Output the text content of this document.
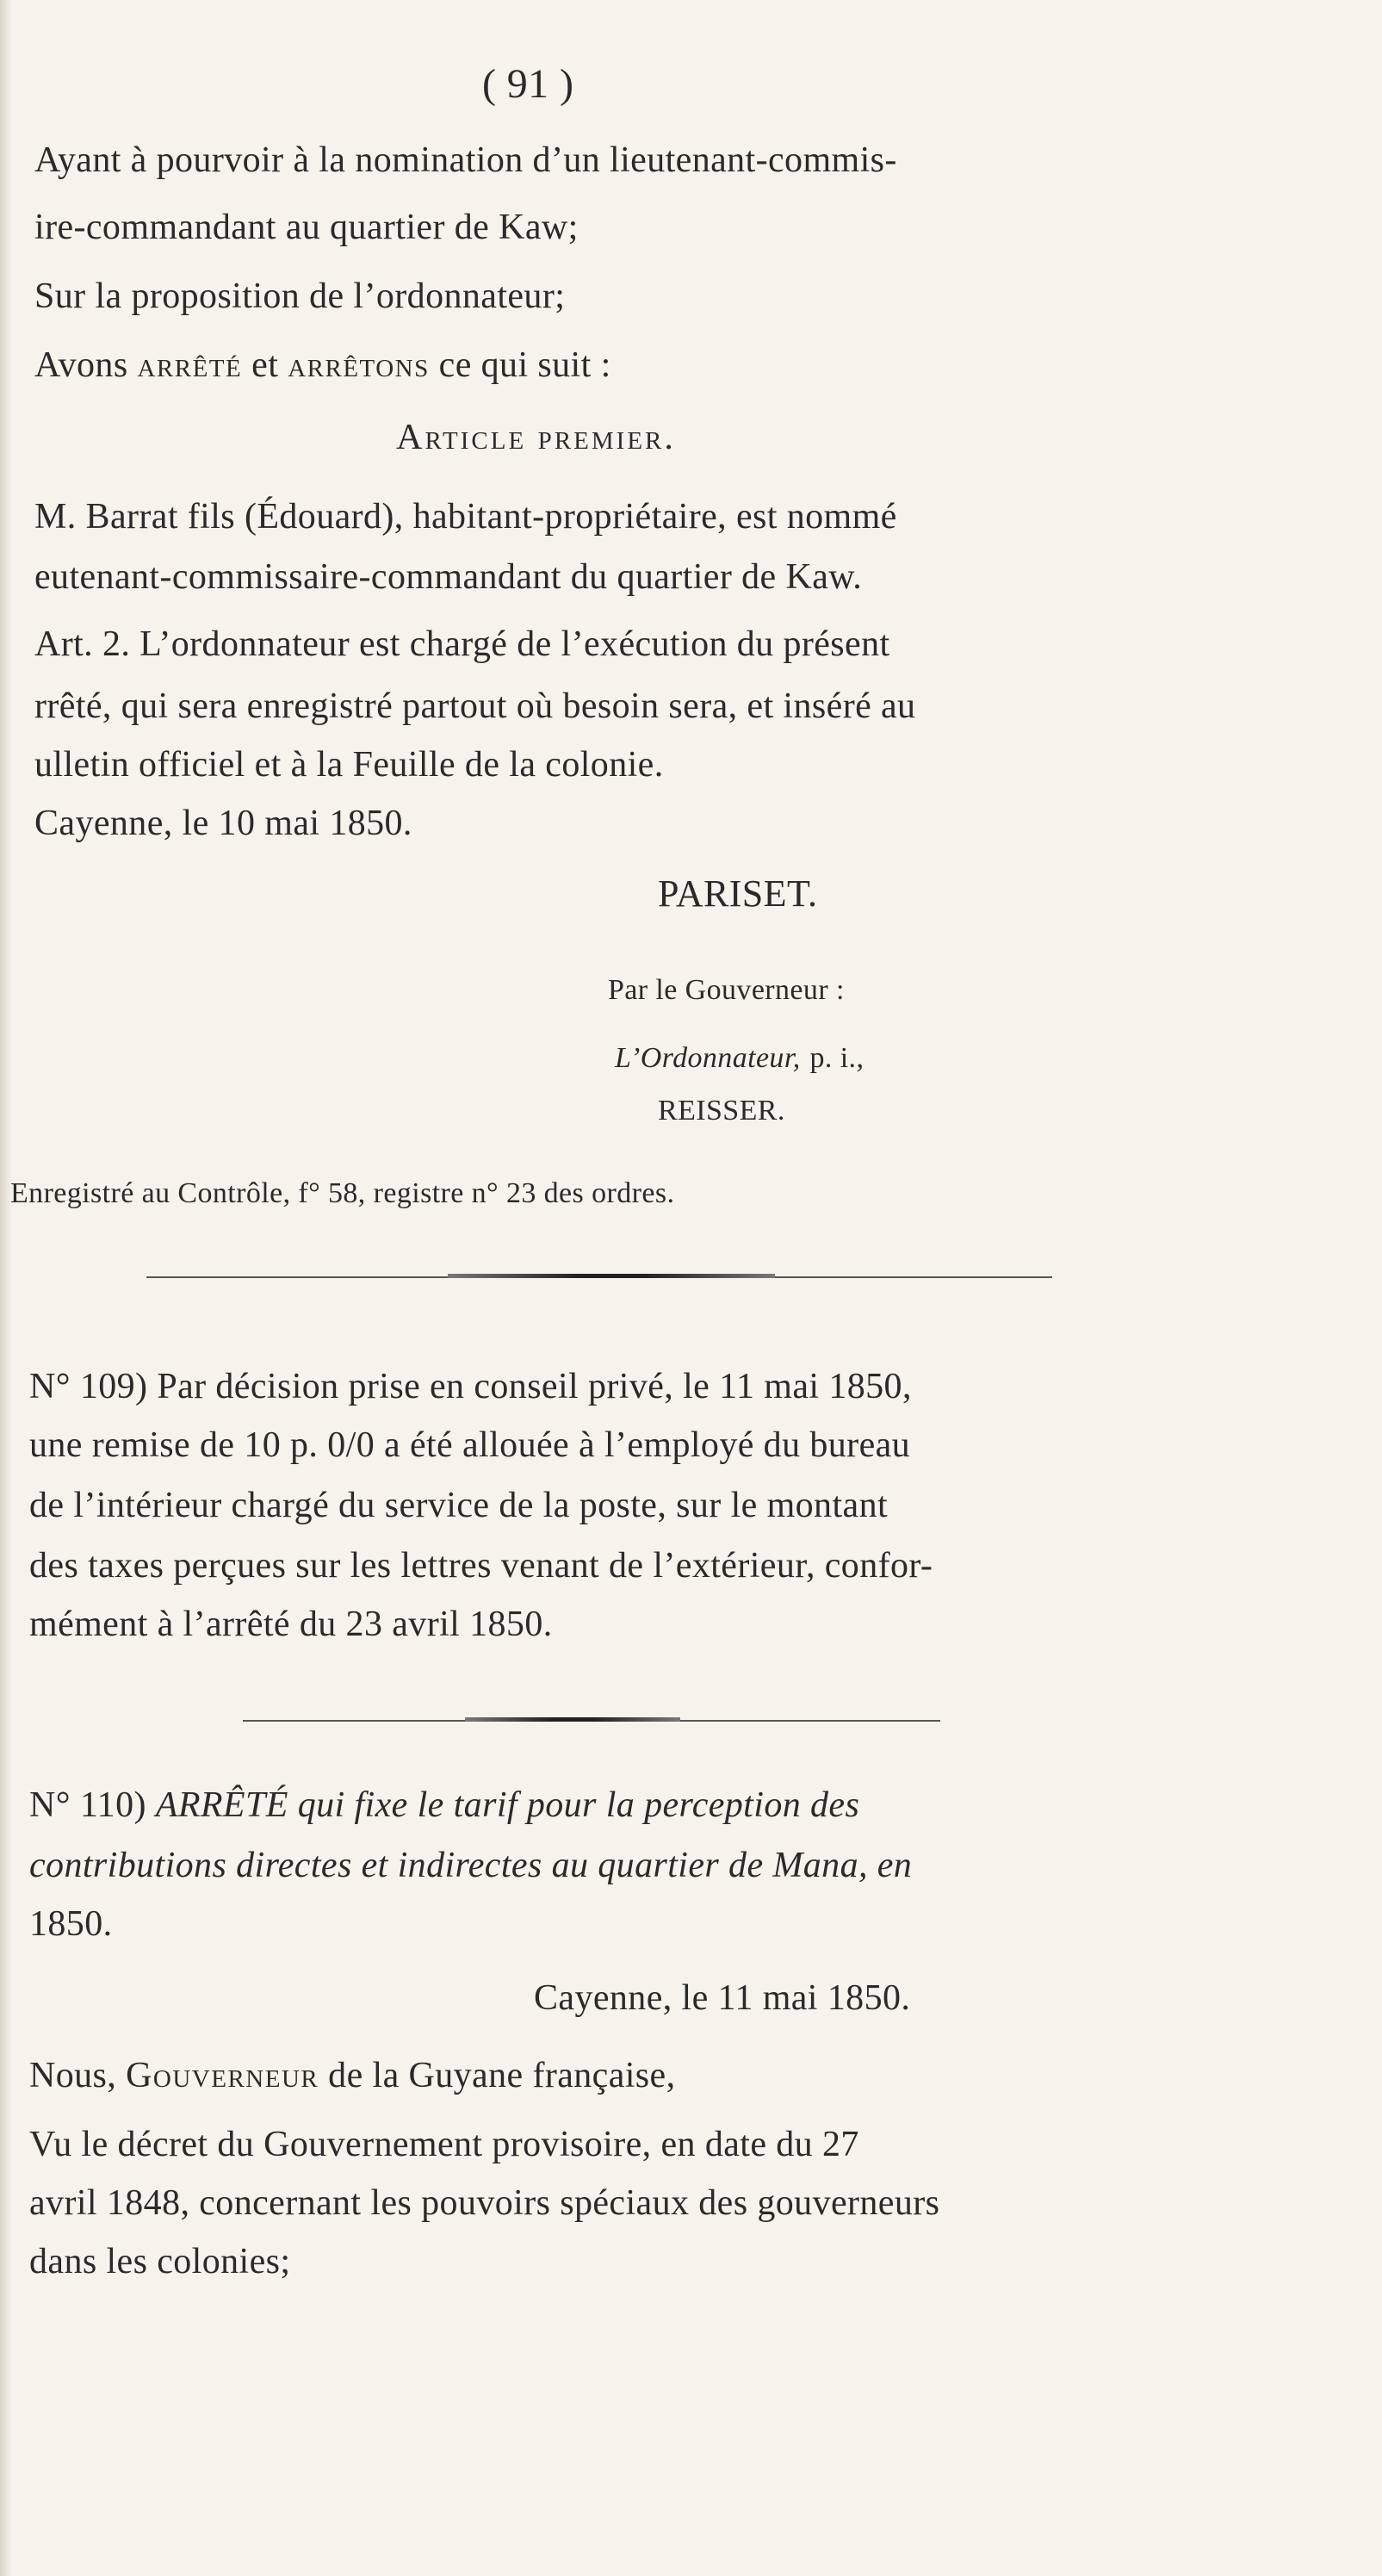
( 91 )
Ayant à pourvoir à la nomination d’un lieutenant-commis-
ire-commandant au quartier de Kaw;
Sur la proposition de l’ordonnateur;
Avons arrêté et arrêtons ce qui suit :
Article premier.
M. Barrat fils (Édouard), habitant-propriétaire, est nommé
eutenant-commissaire-commandant du quartier de Kaw.
Art. 2. L’ordonnateur est chargé de l’exécution du présent
rrêté, qui sera enregistré partout où besoin sera, et inséré au
ulletin officiel et à la Feuille de la colonie.
Cayenne, le 10 mai 1850.
PARISET.
Par le Gouverneur :
L’Ordonnateur, p. i.,
REISSER.
Enregistré au Contrôle, f° 58, registre n° 23 des ordres.
N° 109) Par décision prise en conseil privé, le 11 mai 1850,
une remise de 10 p. 0/0 a été allouée à l’employé du bureau
de l’intérieur chargé du service de la poste, sur le montant
des taxes perçues sur les lettres venant de l’extérieur, confor-
mément à l’arrêté du 23 avril 1850.
N° 110) ARRÊTÉ qui fixe le tarif pour la perception des
contributions directes et indirectes au quartier de Mana, en
1850.
Cayenne, le 11 mai 1850.
Nous, Gouverneur de la Guyane française,
Vu le décret du Gouvernement provisoire, en date du 27
avril 1848, concernant les pouvoirs spéciaux des gouverneurs
dans les colonies;
